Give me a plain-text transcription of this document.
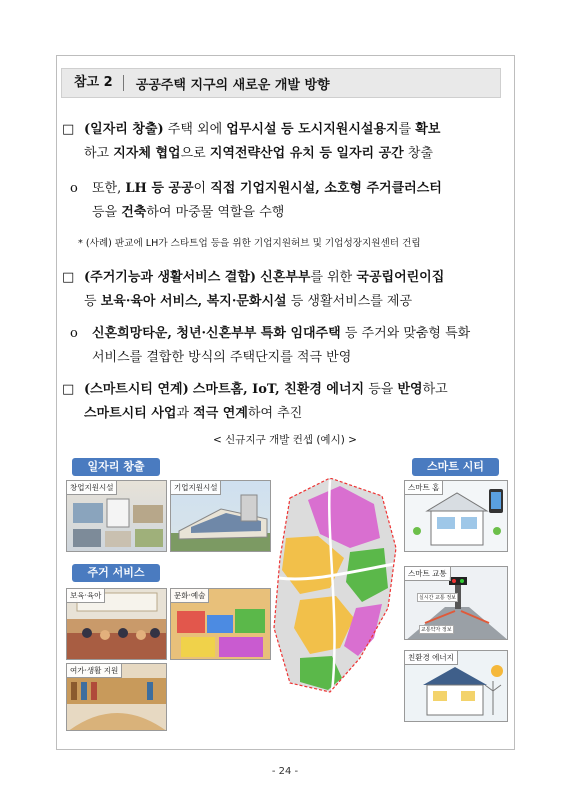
참고 2	공공주택 지구의 새로운 개발 방향
□ (일자리 창출) 주택 외에 업무시설 등 도시지원시설용지를 확보
하고 지자체 협업으로 지역전략산업 유치 등 일자리 공간 창출
o 또한, LH 등 공공이 직접 기업지원시설, 소호형 주거클러스터
등을 건축하여 마중물 역할을 수행
* (사례) 판교에 LH가 스타트업 등을 위한 기업지원허브 및 기업성장지원센터 건립
□ (주거기능과 생활서비스 결합) 신혼부부를 위한 국공립어린이집
등 보육·육아 서비스, 복지·문화시설 등 생활서비스를 제공
o 신혼희망타운, 청년·신혼부부 특화 임대주택 등 주거와 맞춤형 특화
서비스를 결합한 방식의 주택단지를 적극 반영
□ (스마트시티 연계) 스마트홈, IoT, 친환경 에너지 등을 반영하고
스마트시티 사업과 적극 연계하여 추진
< 신규지구 개발 컨셉 (예시) >
일자리 창출	스마트 시티
주거 서비스
창업지원시설	기업지원시설
보육·육아	문화·예술
여가·생활 지원
스마트 홈
스마트 교통
실시간 교통 정보
교통약자 정보
친환경 에너지
- 24 -
